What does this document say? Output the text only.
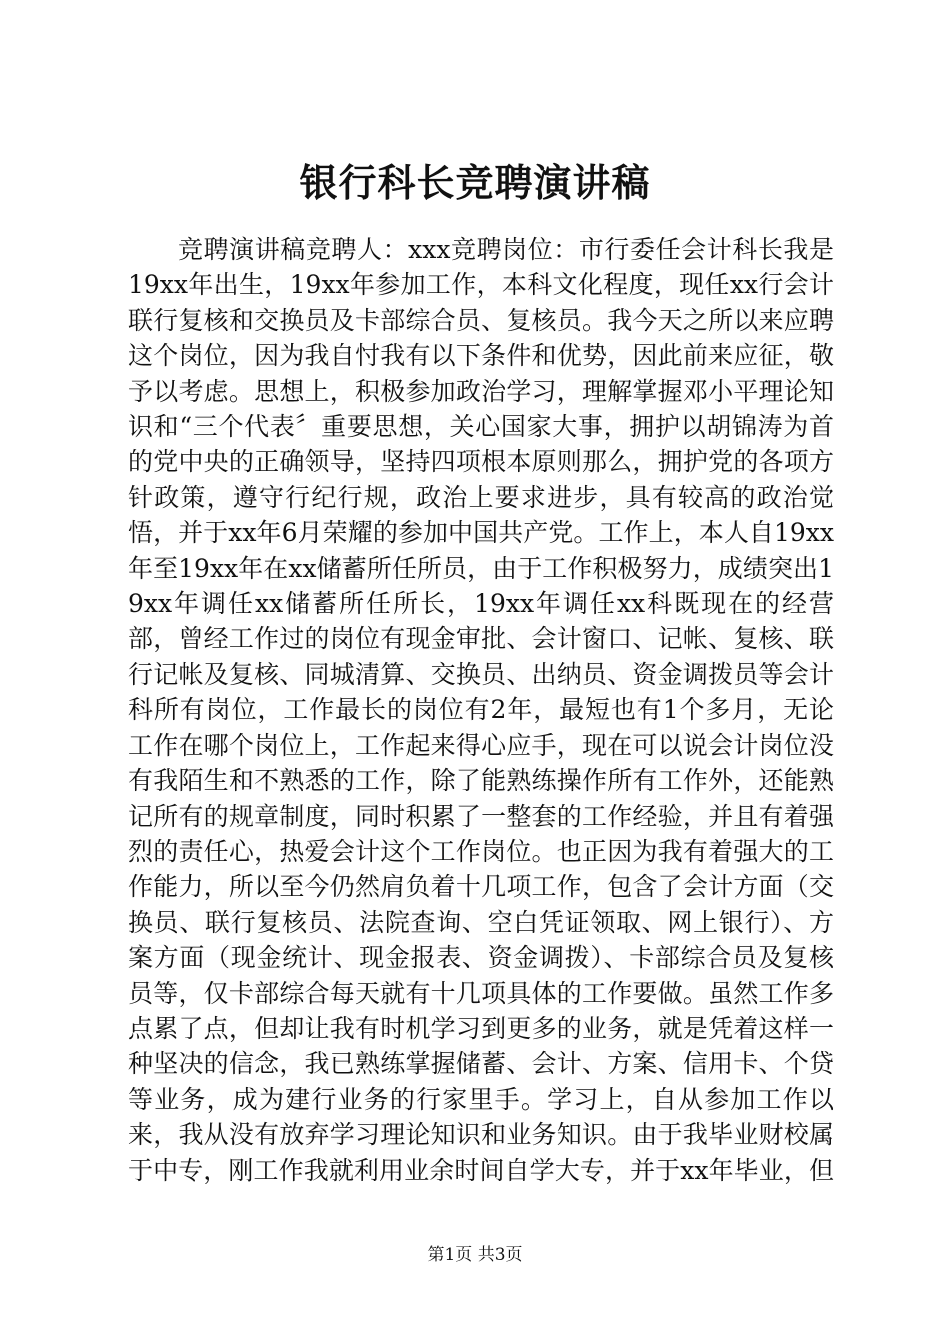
银行科长竞聘演讲稿

竞聘演讲稿竞聘人：xxx竞聘岗位：市行委任会计科长我是19xx年出生，19xx年参加工作，本科文化程度，现任xx行会计联行复核和交换员及卡部综合员、复核员。我今天之所以来应聘这个岗位，因为我自忖我有以下条件和优势，因此前来应征，敬予以考虑。思想上，积极参加政治学习，理解掌握邓小平理论知识和“三个代表〞重要思想，关心国家大事，拥护以胡锦涛为首的党中央的正确领导，坚持四项根本原则那么，拥护党的各项方针政策，遵守行纪行规，政治上要求进步，具有较高的政治觉悟，并于xx年6月荣耀的参加中国共产党。工作上，本人自19xx年至19xx年在xx储蓄所任所员，由于工作积极努力，成绩突出19xx年调任xx储蓄所任所长，19xx年调任xx科既现在的经营部，曾经工作过的岗位有现金审批、会计窗口、记帐、复核、联行记帐及复核、同城清算、交换员、出纳员、资金调拨员等会计科所有岗位，工作最长的岗位有2年，最短也有1个多月，无论工作在哪个岗位上，工作起来得心应手，现在可以说会计岗位没有我陌生和不熟悉的工作，除了能熟练操作所有工作外，还能熟记所有的规章制度，同时积累了一整套的工作经验，并且有着强烈的责任心，热爱会计这个工作岗位。也正因为我有着强大的工作能力，所以至今仍然肩负着十几项工作，包含了会计方面（交换员、联行复核员、法院查询、空白凭证领取、网上银行）、方案方面（现金统计、现金报表、资金调拨）、卡部综合员及复核员等，仅卡部综合每天就有十几项具体的工作要做。虽然工作多点累了点，但却让我有时机学习到更多的业务，就是凭着这样一种坚决的信念，我已熟练掌握储蓄、会计、方案、信用卡、个贷等业务，成为建行业务的行家里手。学习上，自从参加工作以来，我从没有放弃学习理论知识和业务知识。由于我毕业财校属于中专，刚工作我就利用业余时间自学大专，并于xx年毕业，但

第1页 共3页
